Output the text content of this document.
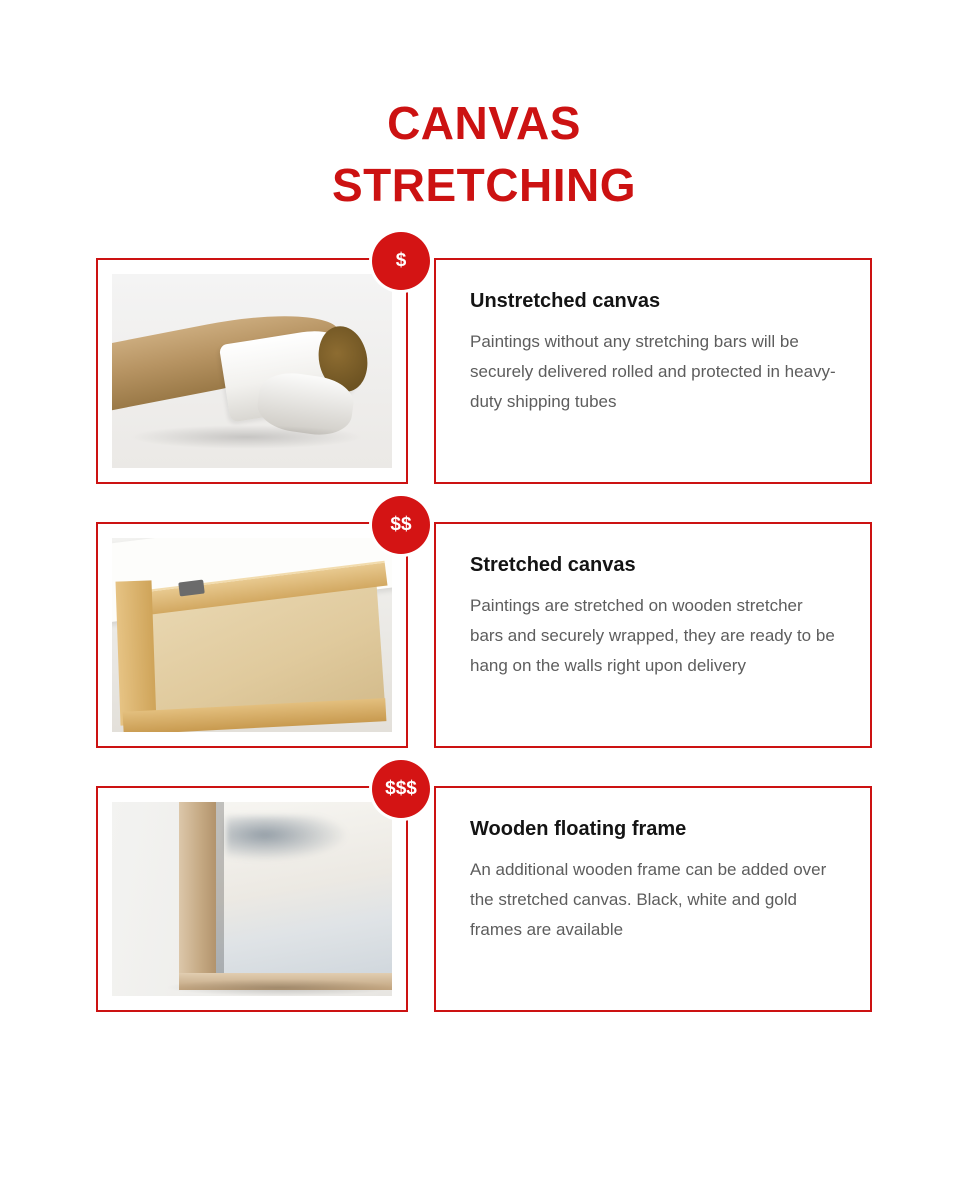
CANVAS
STRETCHING
$
Unstretched canvas
Paintings without any stretching bars will be securely delivered rolled and protected in heavy-duty shipping tubes
$$
Stretched canvas
Paintings are stretched on wooden stretcher bars and securely wrapped, they are ready to be hang on the walls right upon delivery
$$$
Wooden floating frame
An additional wooden frame can be added over the stretched canvas. Black, white and gold frames are available
